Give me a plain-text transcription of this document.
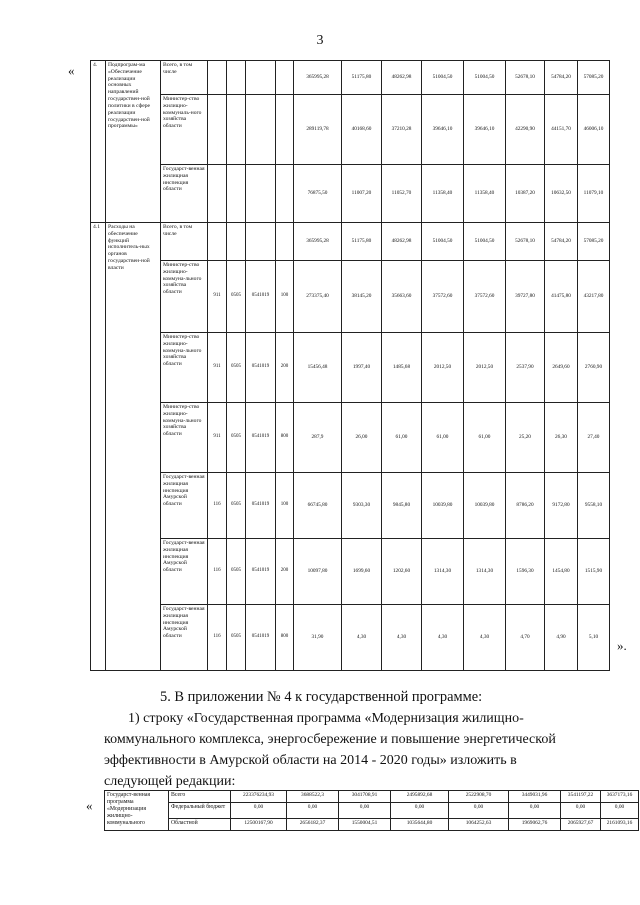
3
«
».
4.	Подпрограм-ма «Обеспечение реализации основных направлений государствен-ной политики в сфере реализации государствен-ной программы»	Всего, в том числе					365995,28	51175,80	48262,98	51004,50	51004,50	52678,10	54784,20	57085,20
		Министер-ство жилищно-коммуналь-ного хозяйства области					289119,78	40168,60	37210,28	39646,10	39646,10	42290,90	44151,70	46006,10
		Государст-венная жилищная инспекция области					76875,50	11007,20	11052,70	11358,40	11358,40	10387,20	10632,50	11079,10
4.1	Расходы на обеспечение функций исполнитель-ных органов государствен-ной власти	Всего, в том числе					365995,28	51175,80	48262,98	51004,50	51004,50	52678,10	54784,20	57085,20
		Министер-ство жилищно-коммуна-льного хозяйства области	911	0505	0541019	100	273375,40	38145,20	35663,60	37572,60	37572,60	39727,80	41475,80	43217,80
		Министер-ство жилищно-коммуна-льного хозяйства области	911	0505	0541019	200	15456,48	1997,40	1485,68	2012,50	2012,50	2537,90	2649,60	2760,90
		Министер-ство жилищно-коммуна-льного хозяйства области	911	0505	0541019	800	287,9	26,00	61,00	61,00	61,00	25,20	26,30	27,40
		Государст-венная жилищная инспекция Амурской области	116	0505	0541019	100	66745,80	9303,30	9845,80	10039,80	10039,80	8786,20	9172,80	9558,10
		Государст-венная жилищная инспекция Амурской области	116	0505	0541019	200	10097,80	1699,60	1202,60	1314,30	1314,30	1596,30	1454,80	1515,90
		Государст-венная жилищная инспекция Амурской области	116	0505	0541019	800	31,90	4,30	4,30	4,30	4,30	4,70	4,90	5,10
5. В приложении № 4 к государственной программе:
1) строку «Государственная программа «Модернизация жилищно-
коммунального комплекса, энергосбережение и повышение энергетической
эффективности в Амурской области на 2014 - 2020 годы» изложить в
следующей редакции:
«
Государст-венная программа «Модернизация жилищно-коммунального	Всего	22337623​4,93	3688522,3	3041708,91	2495892,68	2522908,70	3449031,96	3541197,22	3637173,16
	Федеральный бюджет	0,00	0,00	0,00	0,00	0,00	0,00	0,00	0,00
	Областной	12500167,90	2656182,37	1550004,51	1035644,80	1064252,63	1969062,76	2065927,67	2161093,16
